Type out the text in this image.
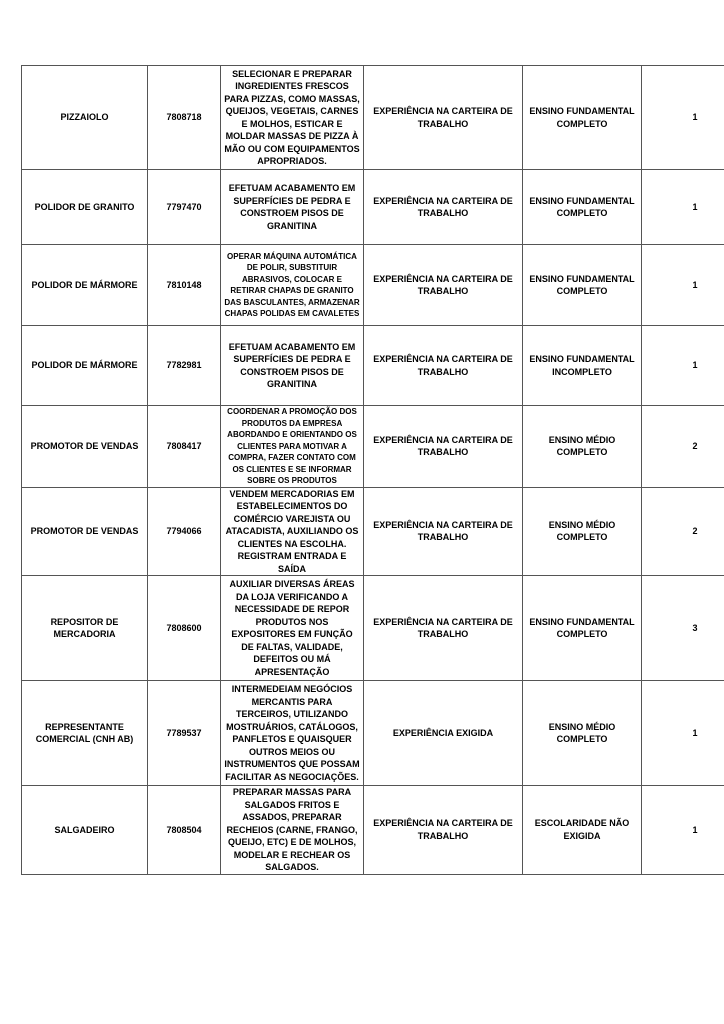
PIZZAIOLO	7808718	SELECIONAR E PREPARAR INGREDIENTES FRESCOS PARA PIZZAS, COMO MASSAS, QUEIJOS, VEGETAIS, CARNES E MOLHOS, ESTICAR E MOLDAR MASSAS DE PIZZA À MÃO OU COM EQUIPAMENTOS APROPRIADOS.	EXPERIÊNCIA NA CARTEIRA DE TRABALHO	ENSINO FUNDAMENTAL COMPLETO	1
POLIDOR DE GRANITO	7797470	EFETUAM ACABAMENTO EM SUPERFÍCIES DE PEDRA E CONSTROEM PISOS DE GRANITINA	EXPERIÊNCIA NA CARTEIRA DE TRABALHO	ENSINO FUNDAMENTAL COMPLETO	1
POLIDOR DE MÁRMORE	7810148	OPERAR MÁQUINA AUTOMÁTICA DE POLIR, SUBSTITUIR ABRASIVOS, COLOCAR E RETIRAR CHAPAS DE GRANITO DAS BASCULANTES, ARMAZENAR CHAPAS POLIDAS EM CAVALETES	EXPERIÊNCIA NA CARTEIRA DE TRABALHO	ENSINO FUNDAMENTAL COMPLETO	1
POLIDOR DE MÁRMORE	7782981	EFETUAM ACABAMENTO EM SUPERFÍCIES DE PEDRA E CONSTROEM PISOS DE GRANITINA	EXPERIÊNCIA NA CARTEIRA DE TRABALHO	ENSINO FUNDAMENTAL INCOMPLETO	1
PROMOTOR DE VENDAS	7808417	COORDENAR A PROMOÇÃO DOS PRODUTOS DA EMPRESA ABORDANDO E ORIENTANDO OS CLIENTES PARA MOTIVAR A COMPRA, FAZER CONTATO COM OS CLIENTES E SE INFORMAR SOBRE OS PRODUTOS	EXPERIÊNCIA NA CARTEIRA DE TRABALHO	ENSINO MÉDIO COMPLETO	2
PROMOTOR DE VENDAS	7794066	VENDEM MERCADORIAS EM ESTABELECIMENTOS DO COMÉRCIO VAREJISTA OU ATACADISTA, AUXILIANDO OS CLIENTES NA ESCOLHA. REGISTRAM ENTRADA E SAÍDA	EXPERIÊNCIA NA CARTEIRA DE TRABALHO	ENSINO MÉDIO COMPLETO	2
REPOSITOR DE MERCADORIA	7808600	AUXILIAR DIVERSAS ÁREAS DA LOJA VERIFICANDO A NECESSIDADE DE REPOR PRODUTOS NOS EXPOSITORES EM FUNÇÃO DE FALTAS, VALIDADE, DEFEITOS OU MÁ APRESENTAÇÃO	EXPERIÊNCIA NA CARTEIRA DE TRABALHO	ENSINO FUNDAMENTAL COMPLETO	3
REPRESENTANTE COMERCIAL (CNH AB)	7789537	INTERMEDEIAM NEGÓCIOS MERCANTIS PARA TERCEIROS, UTILIZANDO MOSTRUÁRIOS, CATÁLOGOS, PANFLETOS E QUAISQUER OUTROS MEIOS OU INSTRUMENTOS QUE POSSAM FACILITAR AS NEGOCIAÇÕES.	EXPERIÊNCIA EXIGIDA	ENSINO MÉDIO COMPLETO	1
SALGADEIRO	7808504	PREPARAR MASSAS PARA SALGADOS FRITOS E ASSADOS, PREPARAR RECHEIOS (CARNE, FRANGO, QUEIJO, ETC) E DE MOLHOS, MODELAR E RECHEAR OS SALGADOS.	EXPERIÊNCIA NA CARTEIRA DE TRABALHO	ESCOLARIDADE NÃO EXIGIDA	1
